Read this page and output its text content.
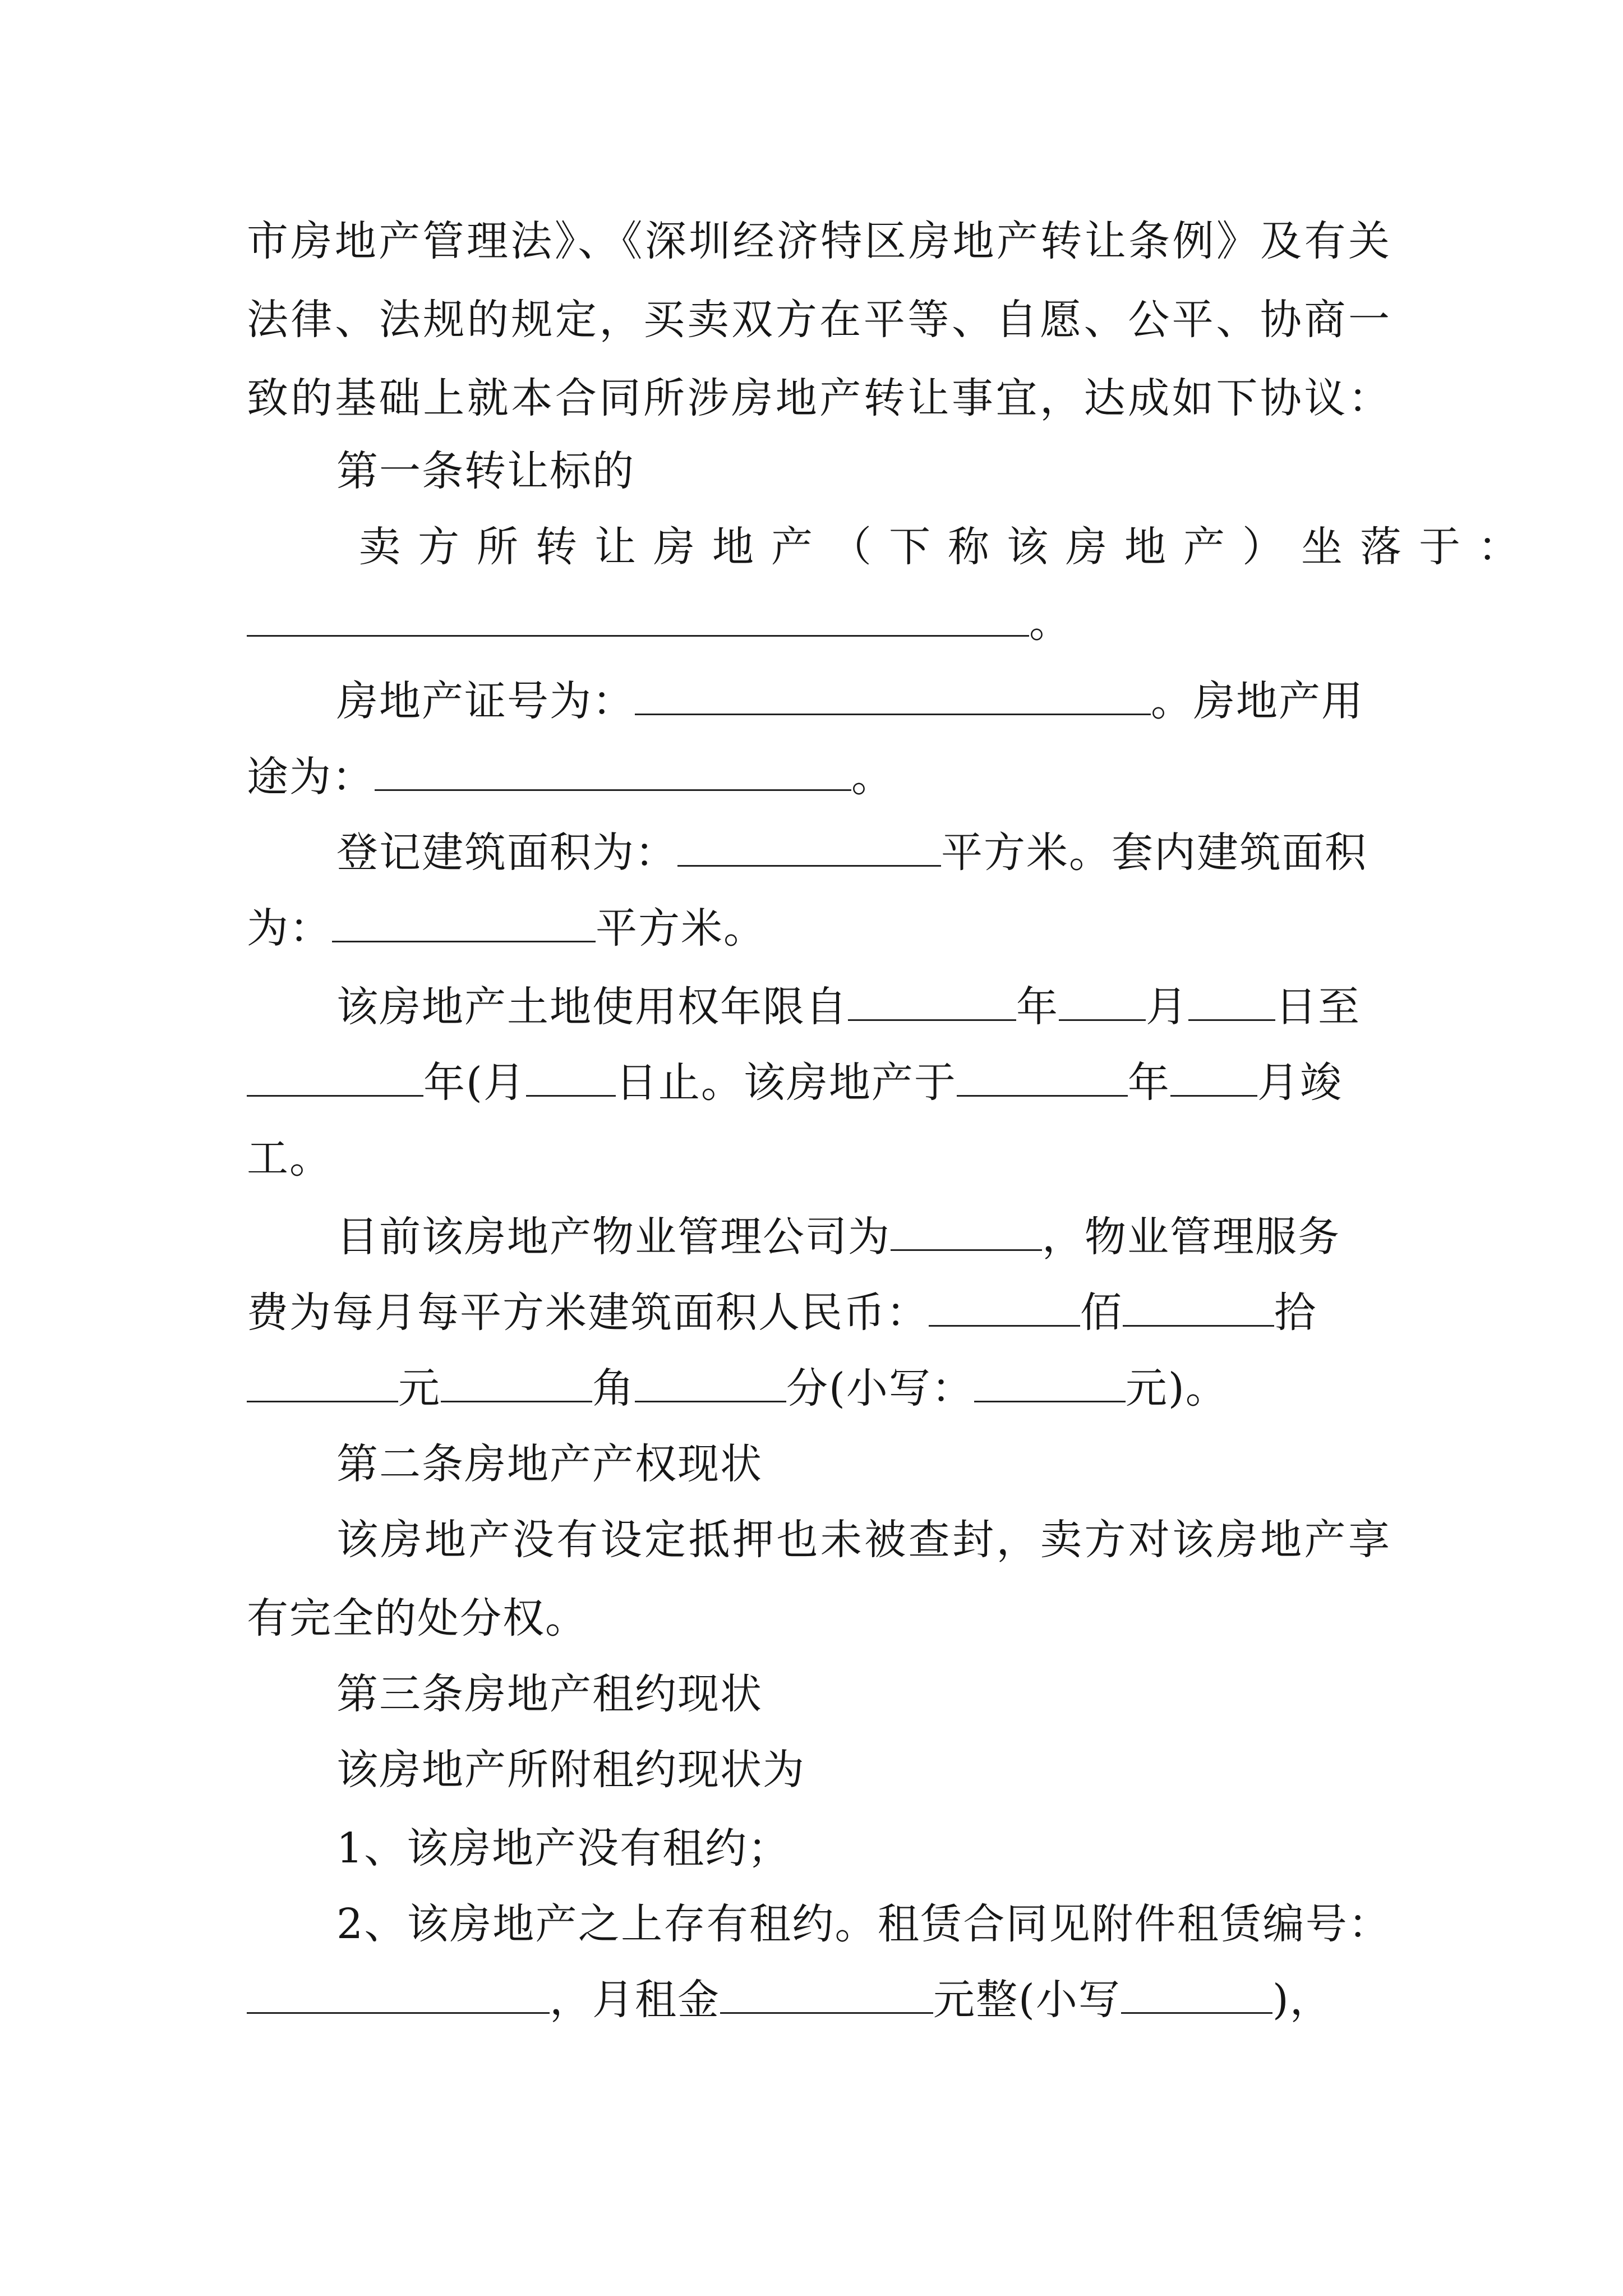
市房地产管理法》、《深圳经济特区房地产转让条例》及有关
法律、法规的规定，买卖双方在平等、自愿、公平、协商一
致的基础上就本合同所涉房地产转让事宜，达成如下协议：
第一条转让标的
卖方所转让房地产（下称该房地产）坐落于：
。
房地产证号为：	。房地产用
途为：	。
登记建筑面积为：	平方米。套内建筑面积
为：	平方米。
该房地产土地使用权年限自	年 月 日至
年(月 日止。该房地产于	年 月竣
工。
目前该房地产物业管理公司为	，物业管理服务
费为每月每平方米建筑面积人民币：	佰	拾
元	角	分(小写：	元)。
第二条房地产产权现状
该房地产没有设定抵押也未被查封，卖方对该房地产享
有完全的处分权。
第三条房地产租约现状
该房地产所附租约现状为
1、该房地产没有租约；
2、该房地产之上存有租约。租赁合同见附件租赁编号：
，月租金	元整(小写	)，
